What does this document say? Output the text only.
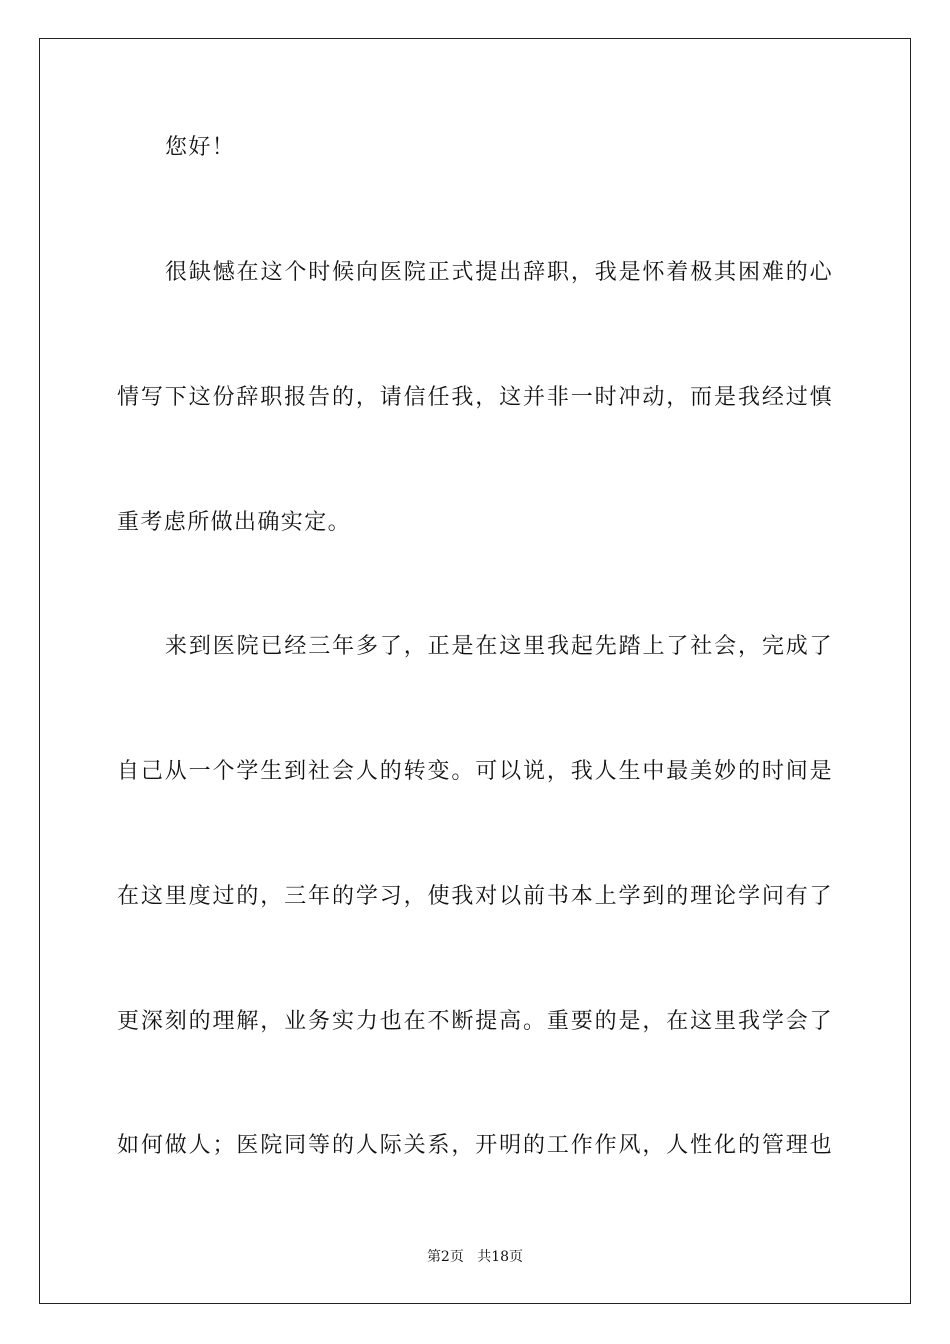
您好！
很缺憾在这个时候向医院正式提出辞职，我是怀着极其困难的心
情写下这份辞职报告的，请信任我，这并非一时冲动，而是我经过慎
重考虑所做出确实定。
来到医院已经三年多了，正是在这里我起先踏上了社会，完成了
自己从一个学生到社会人的转变。可以说，我人生中最美妙的时间是
在这里度过的，三年的学习，使我对以前书本上学到的理论学问有了
更深刻的理解，业务实力也在不断提高。重要的是，在这里我学会了
如何做人；医院同等的人际关系，开明的工作作风，人性化的管理也
第2页 共18页
